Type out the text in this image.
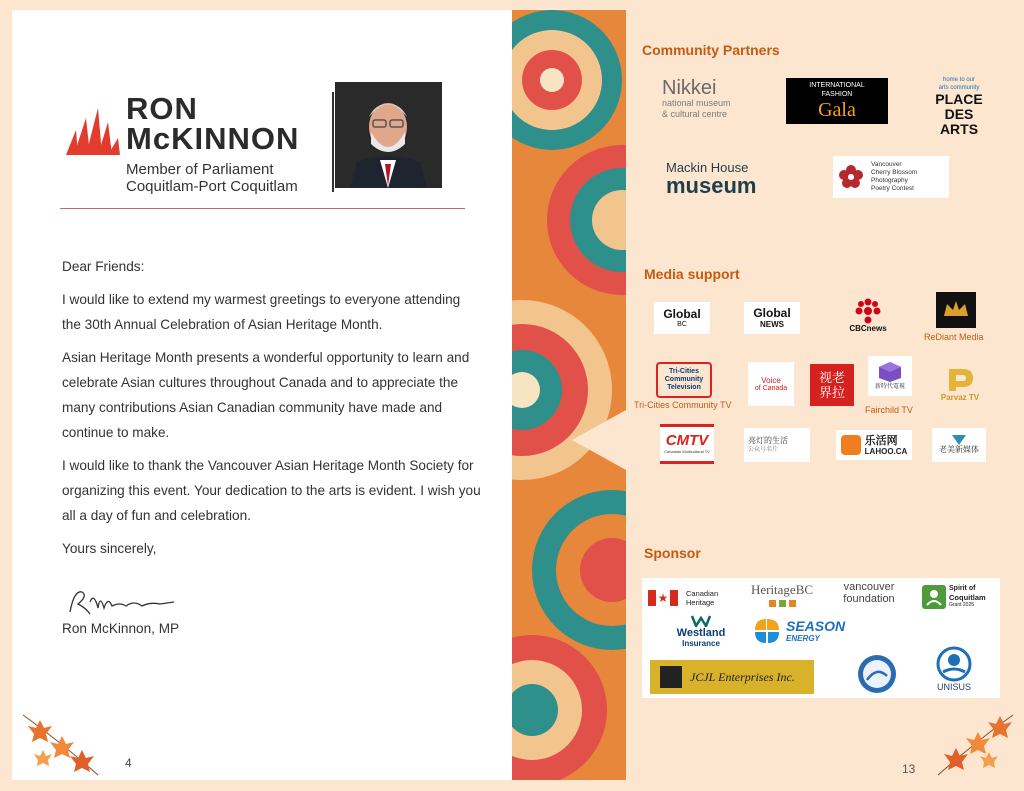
RON
McKINNON
Member of Parliament
Coquitlam-Port Coquitlam

Dear Friends:

I would like to extend my warmest greetings to everyone attending the 30th Annual Celebration of Asian Heritage Month.

Asian Heritage Month presents a wonderful opportunity to learn and celebrate Asian cultures throughout Canada and to appreciate the many contributions Asian Canadian community have made and continue to make.

I would like to thank the Vancouver Asian Heritage Month Society for organizing this event. Your dedication to the arts is evident. I wish you all a day of fun and celebration.

Yours sincerely,

Ron McKinnon, MP
4
Community Partners
Nikkei
national museum
& cultural centre
INTERNATIONAL
FASHION
Gala
home to our
arts community
PLACE
DES
ARTS
Mackin House
museum
Vancouver
Cherry Blossom
Photography
Poetry Contest
Media support
Global
BC
Global
NEWS	CBCnews
ReDiant Media
Tri-Cities
Community
Television
Tri-Cities Community TV
Voice
of Canada
视老界拉	新時代電視
Fairchild TV
Parvaz TV
CMTV
Canadian Multicultural TV
亮灯的生活
公众号名片
乐活网
LAHOO.CA	老美新媒体
Sponsor
Canadian
Heritage
HeritageBC	vancouver
foundation
Spirit of
Coquitlam
Grant 2025
Westland
Insurance
SEASON
ENERGY
JCJL Enterprises Inc.
UNISUS
13
